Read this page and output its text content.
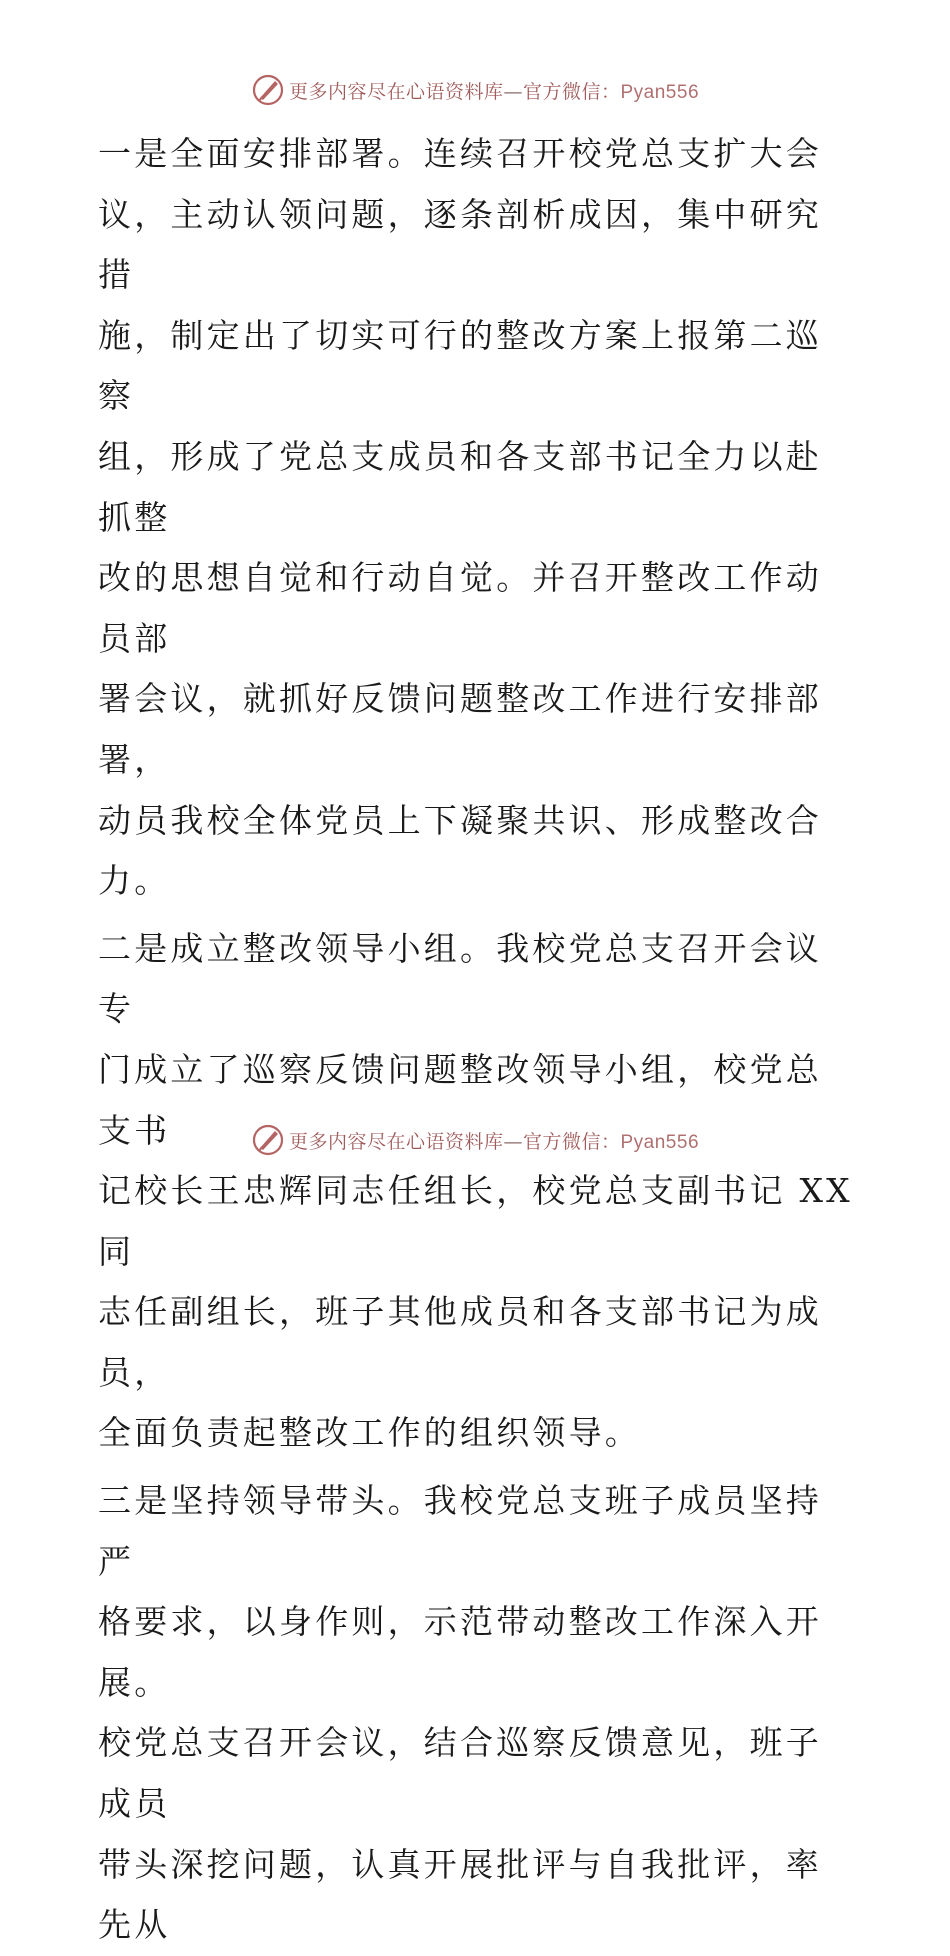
更多内容尽在心语资料库—官方微信：Pyan556
一是全面安排部署。连续召开校党总支扩大会
议，主动认领问题，逐条剖析成因，集中研究措
施，制定出了切实可行的整改方案上报第二巡察
组，形成了党总支成员和各支部书记全力以赴抓整
改的思想自觉和行动自觉。并召开整改工作动员部
署会议，就抓好反馈问题整改工作进行安排部署，
动员我校全体党员上下凝聚共识、形成整改合力。
二是成立整改领导小组。我校党总支召开会议专
门成立了巡察反馈问题整改领导小组，校党总支书
记校长王忠辉同志任组长，校党总支副书记 XX 同
志任副组长，班子其他成员和各支部书记为成员，
全面负责起整改工作的组织领导。
三是坚持领导带头。我校党总支班子成员坚持严
格要求，以身作则，示范带动整改工作深入开展。
校党总支召开会议，结合巡察反馈意见，班子成员
带头深挖问题，认真开展批评与自我批评，率先从
更多内容尽在心语资料库—官方微信：Pyan556
